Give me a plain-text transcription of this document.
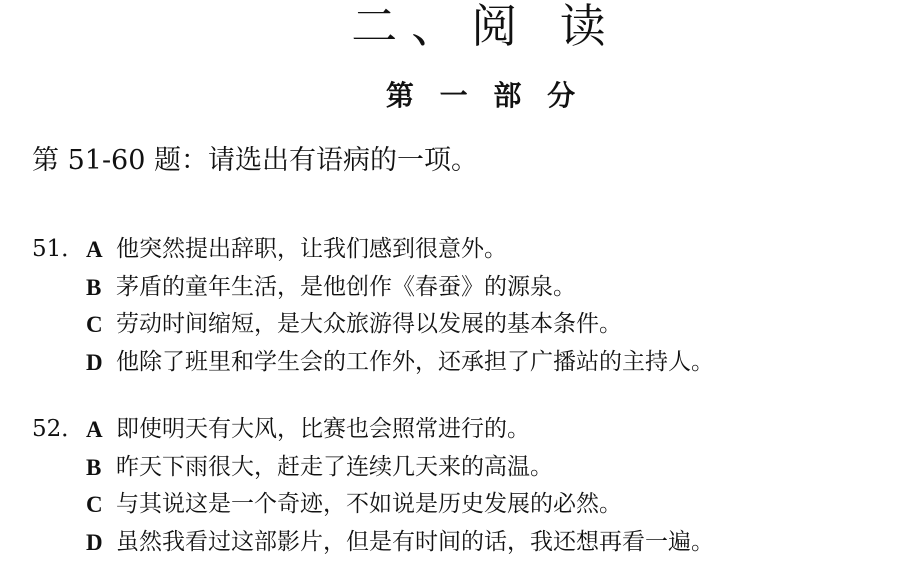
二、阅 读
第 一 部 分
第 51-60 题：请选出有语病的一项。
51． A 他突然提出辞职，让我们感到很意外。
B 茅盾的童年生活，是他创作《春蚕》的源泉。
C 劳动时间缩短，是大众旅游得以发展的基本条件。
D 他除了班里和学生会的工作外，还承担了广播站的主持人。
52． A 即使明天有大风，比赛也会照常进行的。
B 昨天下雨很大，赶走了连续几天来的高温。
C 与其说这是一个奇迹，不如说是历史发展的必然。
D 虽然我看过这部影片，但是有时间的话，我还想再看一遍。
